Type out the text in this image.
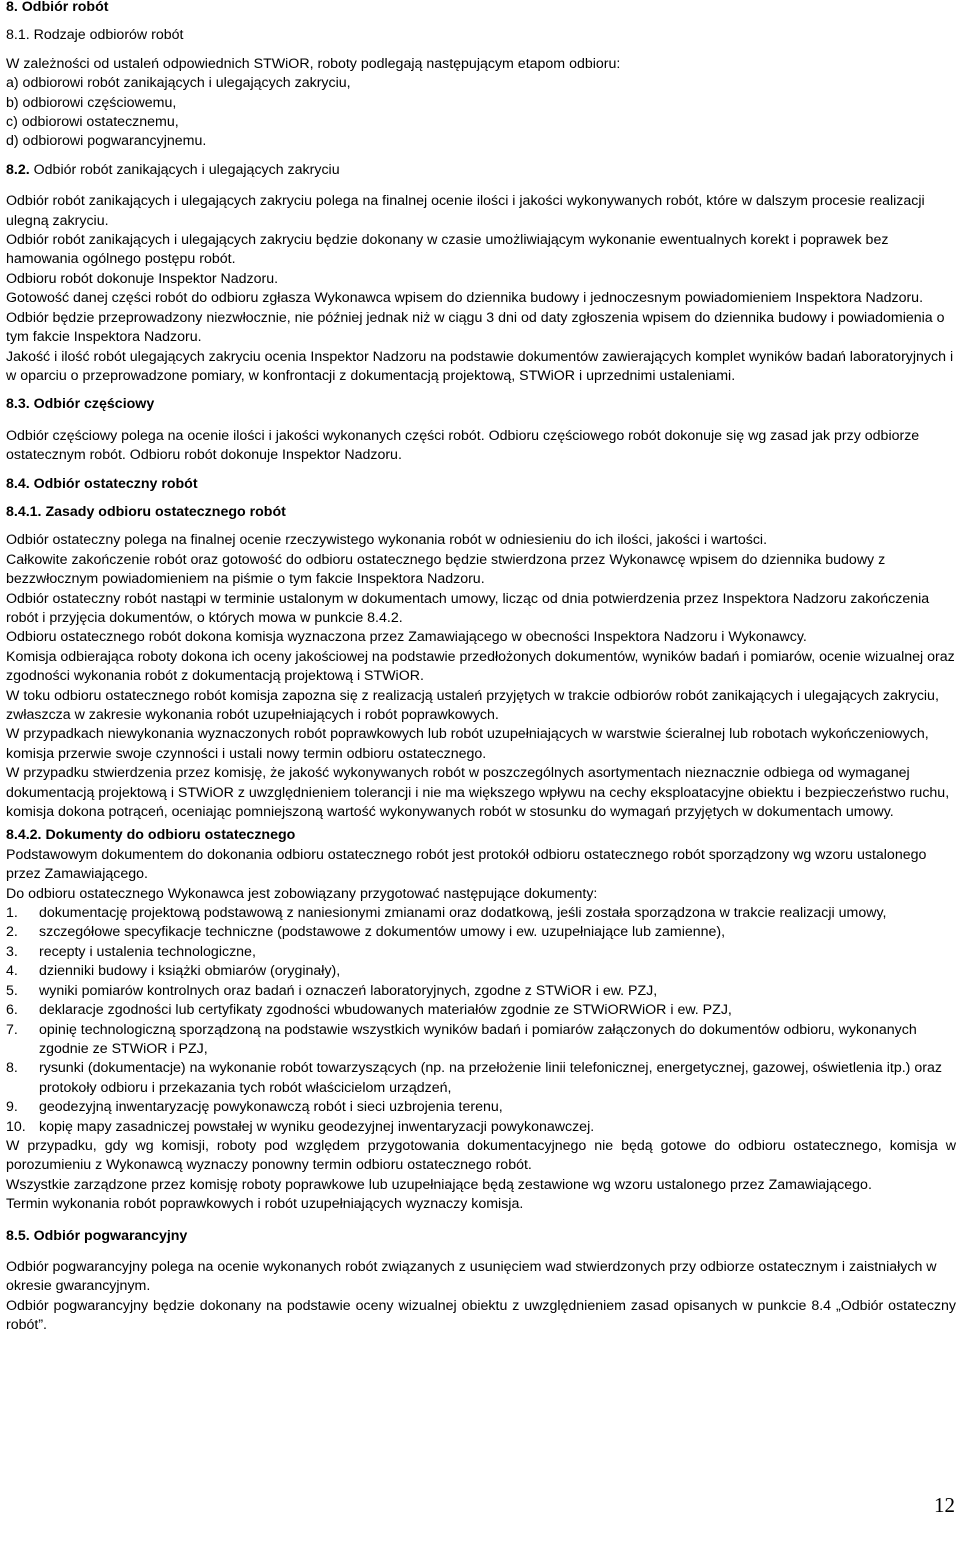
8. Odbiór robót

8.1. Rodzaje odbiorów robót

W zależności od ustaleń odpowiednich STWiOR, roboty podlegają następującym etapom odbioru:

a) odbiorowi robót zanikających i ulegających zakryciu,

b) odbiorowi częściowemu,

c) odbiorowi ostatecznemu,

d) odbiorowi pogwarancyjnemu.

8.2. Odbiór robót zanikających i ulegających zakryciu

Odbiór robót zanikających i ulegających zakryciu polega na finalnej ocenie ilości i jakości wykonywanych robót, które w dalszym procesie realizacji ulegną zakryciu.

Odbiór robót zanikających i ulegających zakryciu będzie dokonany w czasie umożliwiającym wykonanie ewentualnych korekt i poprawek bez hamowania ogólnego postępu robót.

Odbioru robót dokonuje Inspektor Nadzoru.

Gotowość danej części robót do odbioru zgłasza Wykonawca wpisem do dziennika budowy i jednoczesnym powiadomieniem Inspektora Nadzoru.

Odbiór będzie przeprowadzony niezwłocznie, nie później jednak niż w ciągu 3 dni od daty zgłoszenia wpisem do dziennika budowy i powiadomienia o tym fakcie Inspektora Nadzoru.

Jakość i ilość robót ulegających zakryciu ocenia Inspektor Nadzoru na podstawie dokumentów zawierających komplet wyników badań laboratoryjnych i w oparciu o przeprowadzone pomiary, w konfrontacji z dokumentacją projektową, STWiOR i uprzednimi ustaleniami.

8.3. Odbiór częściowy

Odbiór częściowy polega na ocenie ilości i jakości wykonanych części robót. Odbioru częściowego robót dokonuje się wg zasad jak przy odbiorze ostatecznym robót. Odbioru robót dokonuje Inspektor Nadzoru.

8.4. Odbiór ostateczny robót

8.4.1. Zasady odbioru ostatecznego robót

Odbiór ostateczny polega na finalnej ocenie rzeczywistego wykonania robót w odniesieniu do ich ilości, jakości i wartości.

Całkowite zakończenie robót oraz gotowość do odbioru ostatecznego będzie stwierdzona przez Wykonawcę wpisem do dziennika budowy z bezzwłocznym powiadomieniem na piśmie o tym fakcie Inspektora Nadzoru.

Odbiór ostateczny robót nastąpi w terminie ustalonym w dokumentach umowy, licząc od dnia potwierdzenia przez Inspektora Nadzoru zakończenia robót i przyjęcia dokumentów, o których mowa w punkcie 8.4.2.

Odbioru ostatecznego robót dokona komisja wyznaczona przez Zamawiającego w obecności Inspektora Nadzoru i Wykonawcy.

Komisja odbierająca roboty dokona ich oceny jakościowej na podstawie przedłożonych dokumentów, wyników badań i pomiarów, ocenie wizualnej oraz zgodności wykonania robót z dokumentacją projektową i STWiOR.

W toku odbioru ostatecznego robót komisja zapozna się z realizacją ustaleń przyjętych w trakcie odbiorów robót zanikających i ulegających zakryciu, zwłaszcza w zakresie wykonania robót uzupełniających i robót poprawkowych.

W przypadkach niewykonania wyznaczonych robót poprawkowych lub robót uzupełniających w warstwie ścieralnej lub robotach wykończeniowych, komisja przerwie swoje czynności i ustali nowy termin odbioru ostatecznego.

W przypadku stwierdzenia przez komisję, że jakość wykonywanych robót w poszczególnych asortymentach nieznacznie odbiega od wymaganej dokumentacją projektową i STWiOR z uwzględnieniem tolerancji i nie ma większego wpływu na cechy eksploatacyjne obiektu i bezpieczeństwo ruchu, komisja dokona potrąceń, oceniając pomniejszoną wartość wykonywanych robót w stosunku do wymagań przyjętych w dokumentach umowy.

8.4.2. Dokumenty do odbioru ostatecznego

Podstawowym dokumentem do dokonania odbioru ostatecznego robót jest protokół odbioru ostatecznego robót sporządzony wg wzoru ustalonego przez Zamawiającego.

Do odbioru ostatecznego Wykonawca jest zobowiązany przygotować następujące dokumenty:

1.	dokumentację projektową podstawową z naniesionymi zmianami oraz dodatkową, jeśli została sporządzona w trakcie realizacji umowy,
2.	szczegółowe specyfikacje techniczne (podstawowe z dokumentów umowy i ew. uzupełniające lub zamienne),
3.	recepty i ustalenia technologiczne,
4.	dzienniki budowy i książki obmiarów (oryginały),
5.	wyniki pomiarów kontrolnych oraz badań i oznaczeń laboratoryjnych, zgodne z STWiOR i ew. PZJ,
6.	deklaracje zgodności lub certyfikaty zgodności wbudowanych materiałów zgodnie ze STWiORWiOR i ew. PZJ,
7.	opinię technologiczną sporządzoną na podstawie wszystkich wyników badań i pomiarów załączonych do dokumentów odbioru, wykonanych zgodnie ze STWiOR i PZJ,
8.	rysunki (dokumentacje) na wykonanie robót towarzyszących (np. na przełożenie linii telefonicznej, energetycznej, gazowej, oświetlenia itp.) oraz protokoły odbioru i przekazania tych robót właścicielom urządzeń,
9.	geodezyjną inwentaryzację powykonawczą robót i sieci uzbrojenia terenu,
10. kopię mapy zasadniczej powstałej w wyniku geodezyjnej inwentaryzacji powykonawczej.

W przypadku, gdy wg komisji, roboty pod względem przygotowania dokumentacyjnego nie będą gotowe do odbioru ostatecznego, komisja w porozumieniu z Wykonawcą wyznaczy ponowny termin odbioru ostatecznego robót.

Wszystkie zarządzone przez komisję roboty poprawkowe lub uzupełniające będą zestawione wg wzoru ustalonego przez Zamawiającego.

Termin wykonania robót poprawkowych i robót uzupełniających wyznaczy komisja.

8.5. Odbiór pogwarancyjny

Odbiór pogwarancyjny polega na ocenie wykonanych robót związanych z usunięciem wad stwierdzonych przy odbiorze ostatecznym i zaistniałych w okresie gwarancyjnym.

Odbiór pogwarancyjny będzie dokonany na podstawie oceny wizualnej obiektu z uwzględnieniem zasad opisanych w punkcie 8.4 „Odbiór ostateczny robót”.

12
